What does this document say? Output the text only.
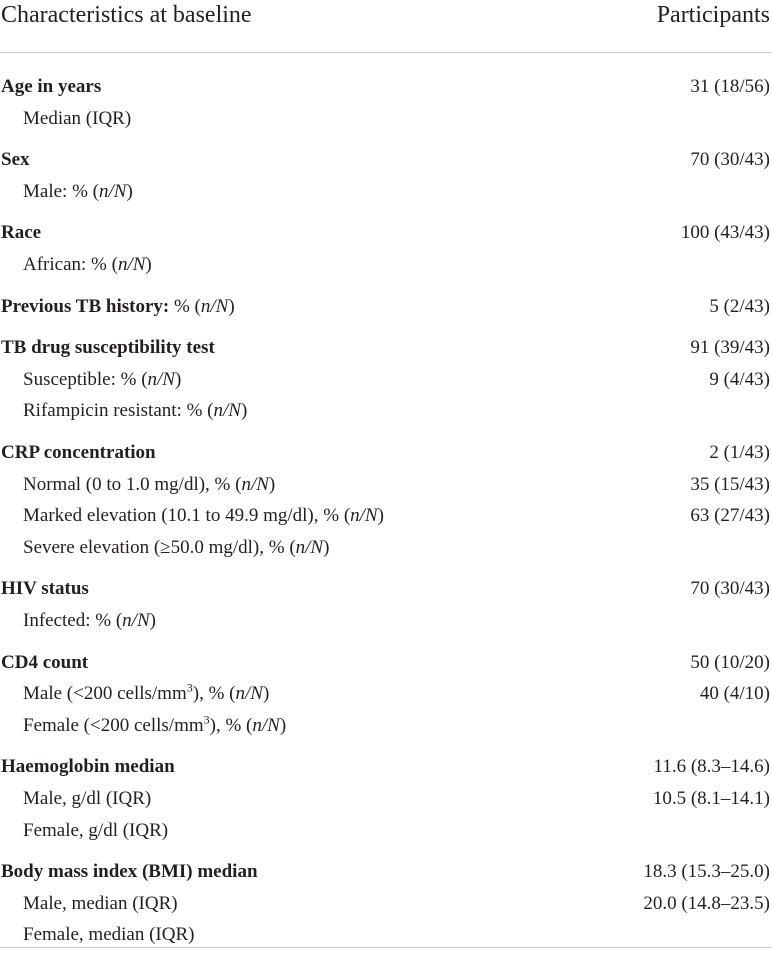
Characteristics at baseline	Participants
Age in years	31 (18/56)
Median (IQR)
Sex	70 (30/43)
Male: % (n/N)
Race	100 (43/43)
African: % (n/N)
Previous TB history: % (n/N)	5 (2/43)
TB drug susceptibility test	91 (39/43)
Susceptible: % (n/N)	9 (4/43)
Rifampicin resistant: % (n/N)
CRP concentration	2 (1/43)
Normal (0 to 1.0 mg/dl), % (n/N)	35 (15/43)
Marked elevation (10.1 to 49.9 mg/dl), % (n/N)	63 (27/43)
Severe elevation (≥50.0 mg/dl), % (n/N)
HIV status	70 (30/43)
Infected: % (n/N)
CD4 count	50 (10/20)
Male (<200 cells/$mm^3$), % (n/N)	40 (4/10)
Female (<200 cells/$mm^3$), % (n/N)
Haemoglobin median	11.6 (8.3–14.6)
Male, g/dl (IQR)	10.5 (8.1–14.1)
Female, g/dl (IQR)
Body mass index (BMI) median	18.3 (15.3–25.0)
Male, median (IQR)	20.0 (14.8–23.5)
Female, median (IQR)
